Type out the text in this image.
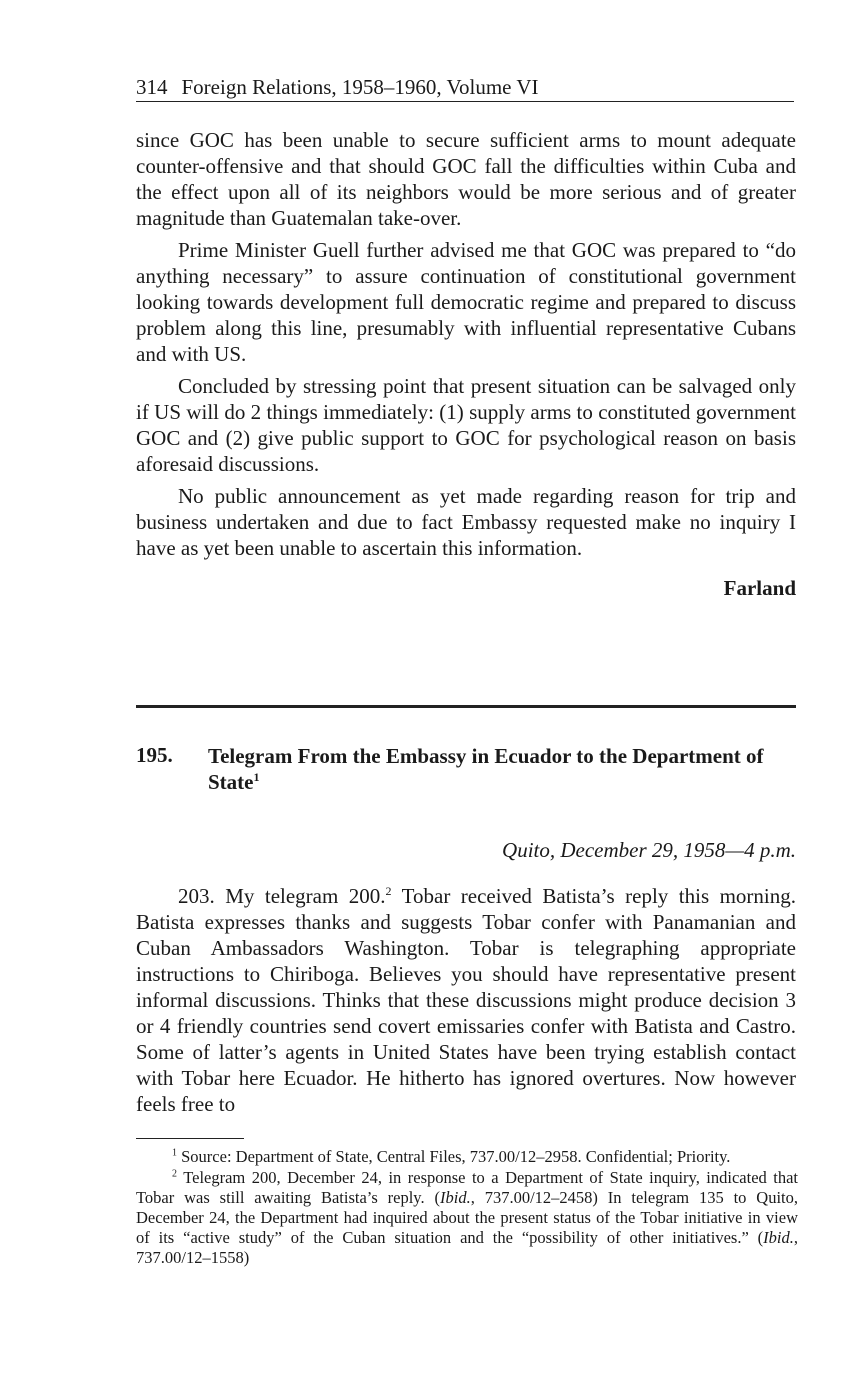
314 Foreign Relations, 1958–1960, Volume VI

since GOC has been unable to secure sufficient arms to mount adequate counter-offensive and that should GOC fall the difficulties within Cuba and the effect upon all of its neighbors would be more serious and of greater magnitude than Guatemalan take-over.

Prime Minister Guell further advised me that GOC was prepared to “do anything necessary” to assure continuation of constitutional government looking towards development full democratic regime and prepared to discuss problem along this line, presumably with influential representative Cubans and with US.

Concluded by stressing point that present situation can be salvaged only if US will do 2 things immediately: (1) supply arms to constituted government GOC and (2) give public support to GOC for psychological reason on basis aforesaid discussions.

No public announcement as yet made regarding reason for trip and business undertaken and due to fact Embassy requested make no inquiry I have as yet been unable to ascertain this information.

Farland
195. Telegram From the Embassy in Ecuador to the Department of State$^1$
Quito, December 29, 1958—4 p.m.

203. My telegram 200.$^2$ Tobar received Batista’s reply this morning. Batista expresses thanks and suggests Tobar confer with Panamanian and Cuban Ambassadors Washington. Tobar is telegraphing appropriate instructions to Chiriboga. Believes you should have representative present informal discussions. Thinks that these discussions might produce decision 3 or 4 friendly countries send covert emissaries confer with Batista and Castro. Some of latter’s agents in United States have been trying establish contact with Tobar here Ecuador. He hitherto has ignored overtures. Now however feels free to

$^1$ Source: Department of State, Central Files, 737.00/12–2958. Confidential; Priority.

$^2$ Telegram 200, December 24, in response to a Department of State inquiry, indicated that Tobar was still awaiting Batista’s reply. (Ibid., 737.00/12–2458) In telegram 135 to Quito, December 24, the Department had inquired about the present status of the Tobar initiative in view of its “active study” of the Cuban situation and the “possibility of other initiatives.” (Ibid., 737.00/12–1558)
